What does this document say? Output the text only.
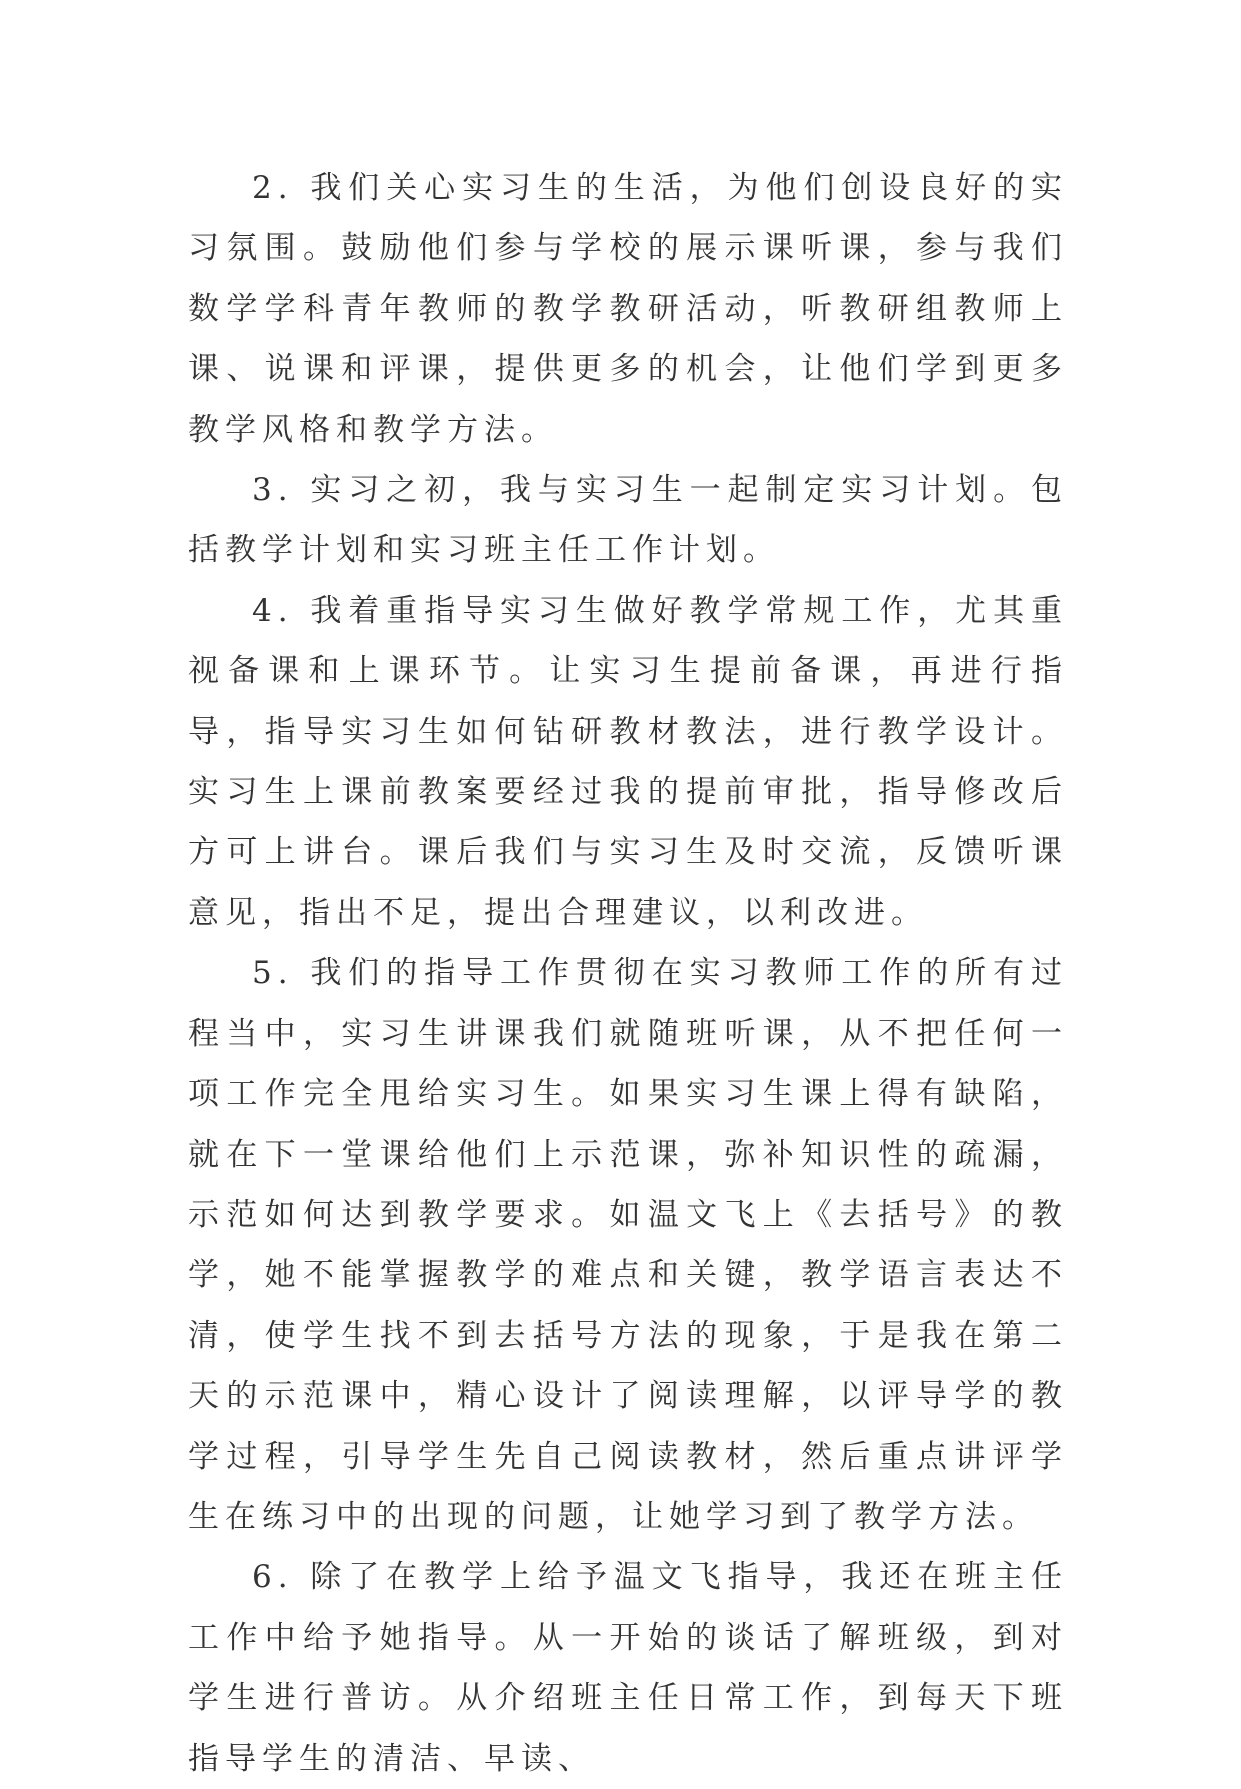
2. 我们关心实习生的生活，为他们创设良好的实习氛围。鼓励他们参与学校的展示课听课，参与我们数学学科青年教师的教学教研活动，听教研组教师上课、说课和评课，提供更多的机会，让他们学到更多教学风格和教学方法。

3. 实习之初，我与实习生一起制定实习计划。包括教学计划和实习班主任工作计划。

4. 我着重指导实习生做好教学常规工作，尤其重视备课和上课环节。让实习生提前备课，再进行指导，指导实习生如何钻研教材教法，进行教学设计。实习生上课前教案要经过我的提前审批，指导修改后方可上讲台。课后我们与实习生及时交流，反馈听课意见，指出不足，提出合理建议，以利改进。

5. 我们的指导工作贯彻在实习教师工作的所有过程当中，实习生讲课我们就随班听课，从不把任何一项工作完全甩给实习生。如果实习生课上得有缺陷，就在下一堂课给他们上示范课，弥补知识性的疏漏，示范如何达到教学要求。如温文飞上《去括号》的教学，她不能掌握教学的难点和关键，教学语言表达不清，使学生找不到去括号方法的现象，于是我在第二天的示范课中，精心设计了阅读理解，以评导学的教学过程，引导学生先自己阅读教材，然后重点讲评学生在练习中的出现的问题，让她学习到了教学方法。

6. 除了在教学上给予温文飞指导，我还在班主任工作中给予她指导。从一开始的谈话了解班级，到对学生进行普访。从介绍班主任日常工作，到每天下班指导学生的清洁、早读、
